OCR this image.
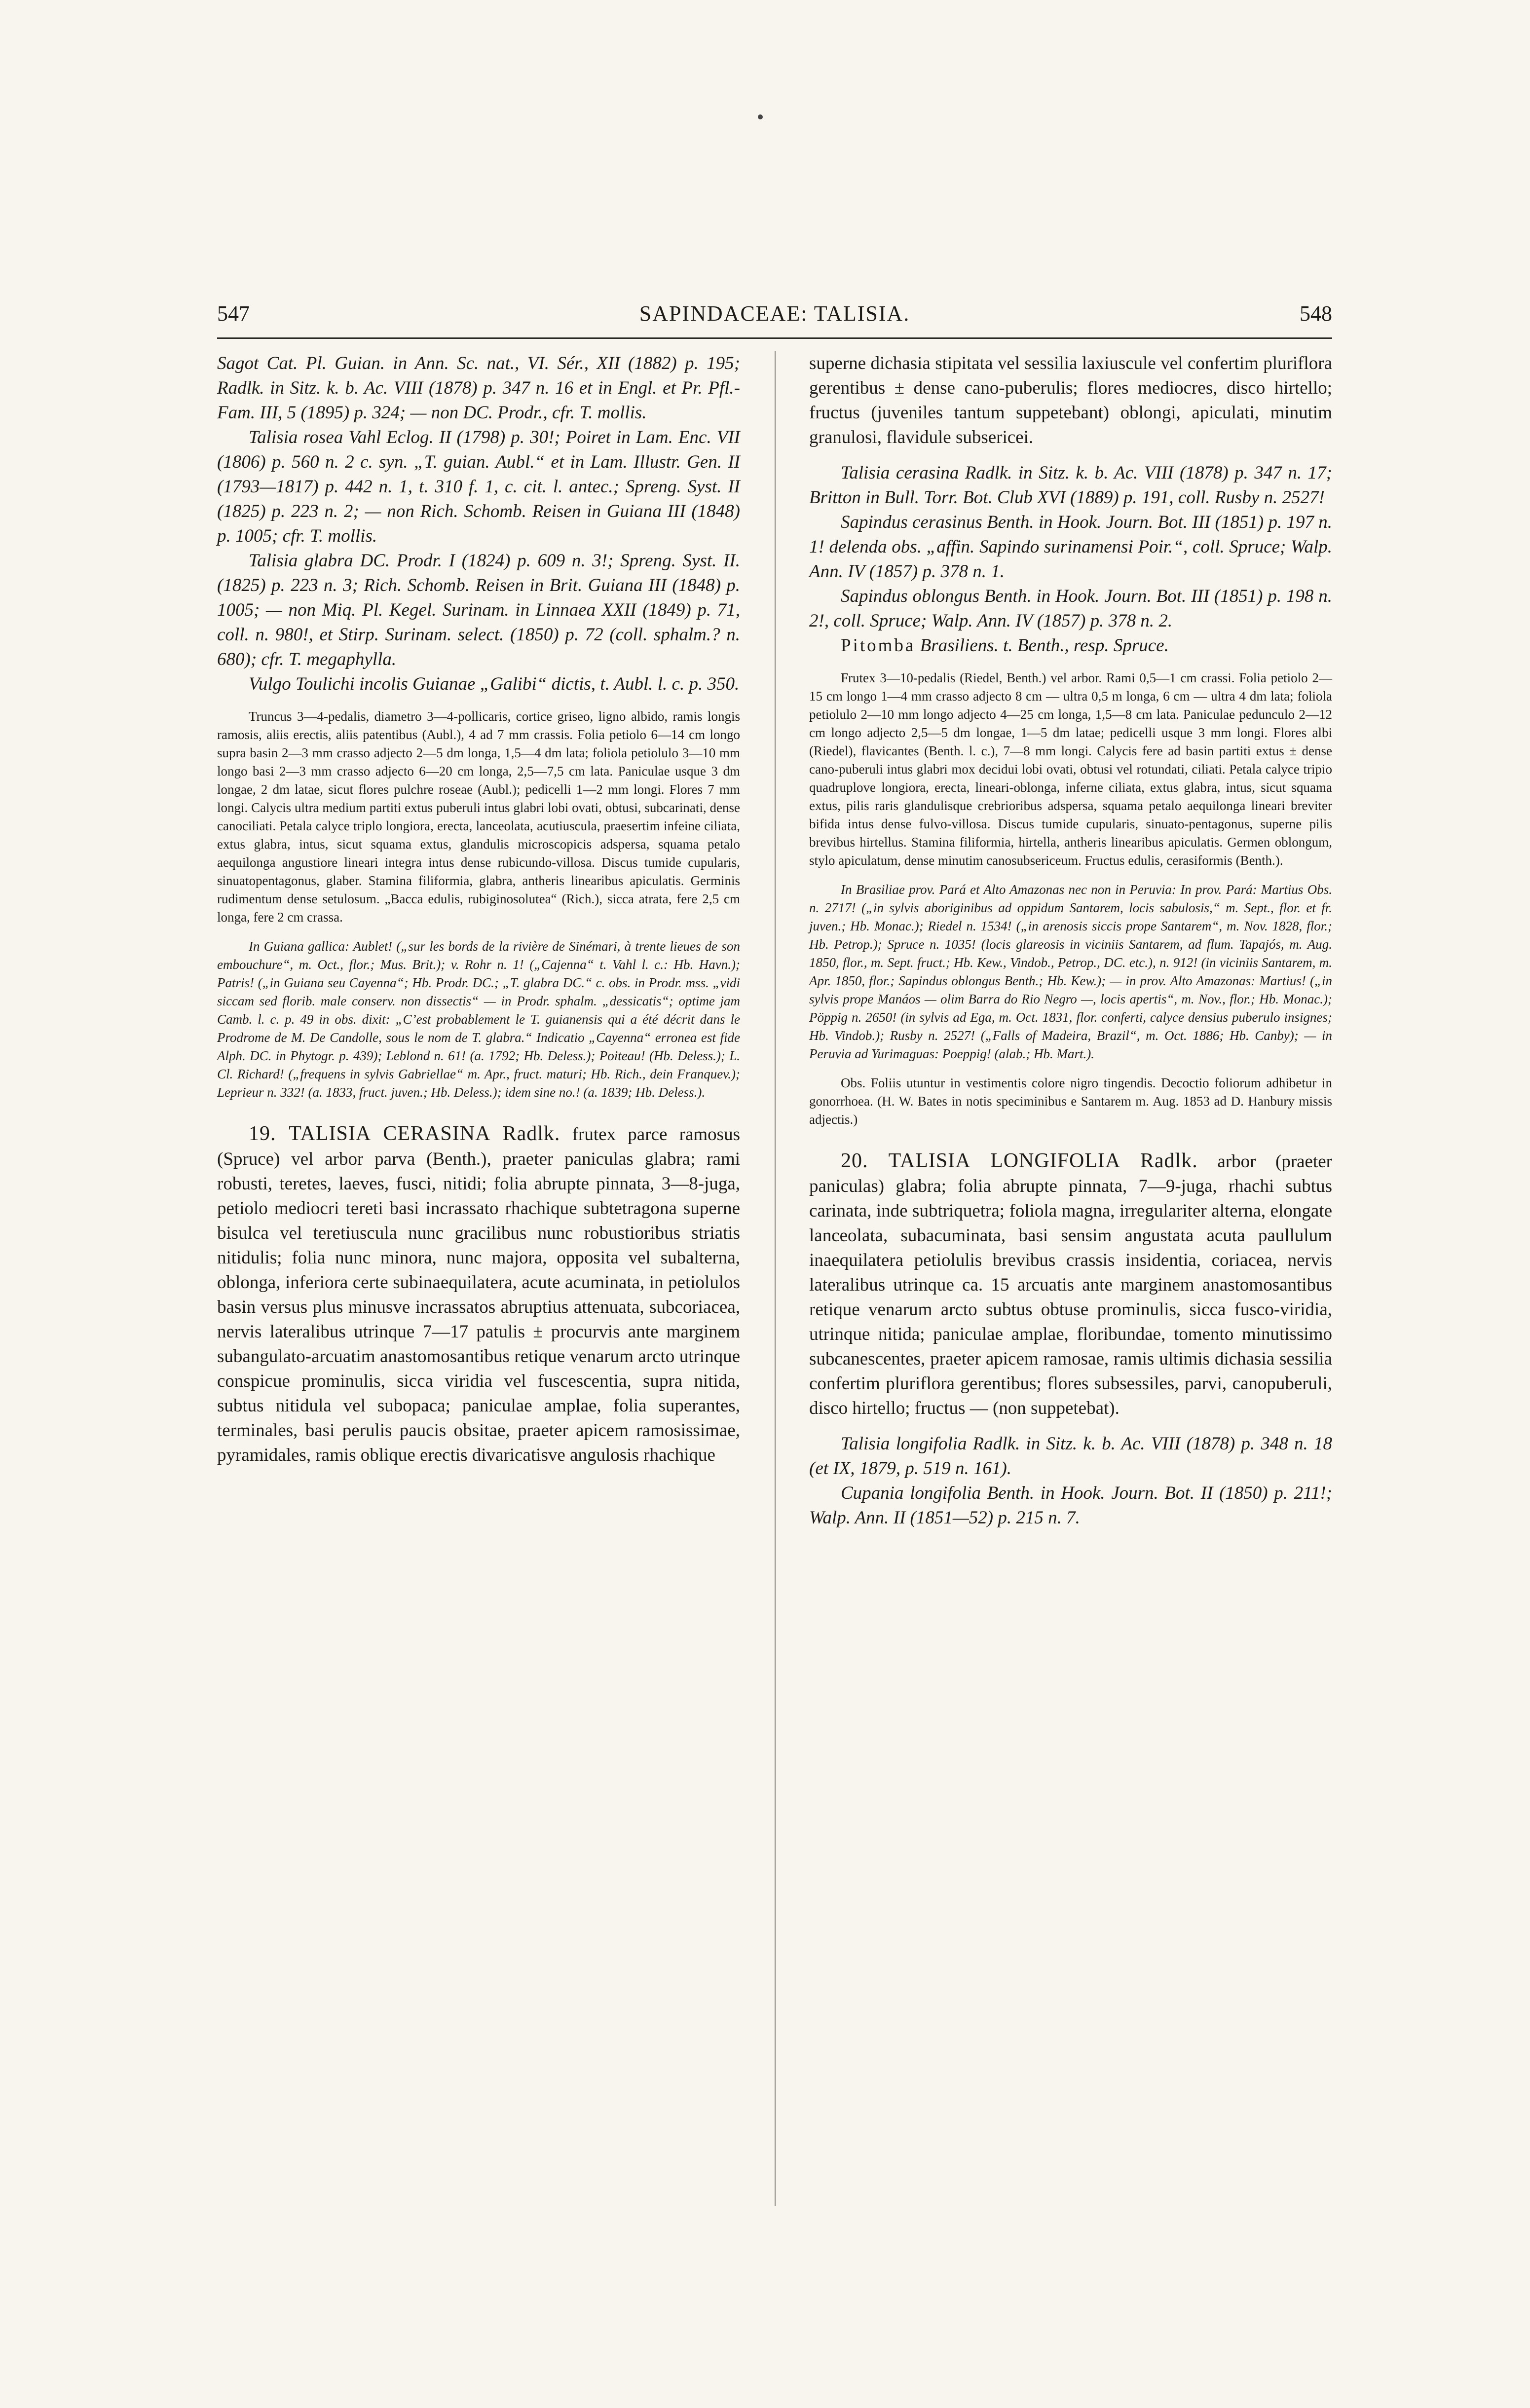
547	SAPINDACEAE: TALISIA.	548

Sagot Cat. Pl. Guian. in Ann. Sc. nat., VI. Sér., XII (1882) p. 195; Radlk. in Sitz. k. b. Ac. VIII (1878) p. 347 n. 16 et in Engl. et Pr. Pfl.-Fam. III, 5 (1895) p. 324; — non DC. Prodr., cfr. T. mollis.

Talisia rosea Vahl Eclog. II (1798) p. 30!; Poiret in Lam. Enc. VII (1806) p. 560 n. 2 c. syn. „T. guian. Aubl.“ et in Lam. Illustr. Gen. II (1793—1817) p. 442 n. 1, t. 310 f. 1, c. cit. l. antec.; Spreng. Syst. II (1825) p. 223 n. 2; — non Rich. Schomb. Reisen in Guiana III (1848) p. 1005; cfr. T. mollis.

Talisia glabra DC. Prodr. I (1824) p. 609 n. 3!; Spreng. Syst. II. (1825) p. 223 n. 3; Rich. Schomb. Reisen in Brit. Guiana III (1848) p. 1005; — non Miq. Pl. Kegel. Surinam. in Linnaea XXII (1849) p. 71, coll. n. 980!, et Stirp. Surinam. select. (1850) p. 72 (coll. sphalm.? n. 680); cfr. T. megaphylla.

Vulgo Toulichi incolis Guianae „Galibi“ dictis, t. Aubl. l. c. p. 350.

Truncus 3—4-pedalis, diametro 3—4-pollicaris, cortice griseo, ligno albido, ramis longis ramosis, aliis erectis, aliis patentibus (Aubl.), 4 ad 7 mm crassis. Folia petiolo 6—14 cm longo supra basin 2—3 mm crasso adjecto 2—5 dm longa, 1,5—4 dm lata; foliola petiolulo 3—10 mm longo basi 2—3 mm crasso adjecto 6—20 cm longa, 2,5—7,5 cm lata. Paniculae usque 3 dm longae, 2 dm latae, sicut flores pulchre roseae (Aubl.); pedicelli 1—2 mm longi. Flores 7 mm longi. Calycis ultra medium partiti extus puberuli intus glabri lobi ovati, obtusi, subcarinati, dense canociliati. Petala calyce triplo longiora, erecta, lanceolata, acutiuscula, praesertim infeine ciliata, extus glabra, intus, sicut squama extus, glandulis microscopicis adspersa, squama petalo aequilonga angustiore lineari integra intus dense rubicundo-villosa. Discus tumide cupularis, sinuatopentagonus, glaber. Stamina filiformia, glabra, antheris linearibus apiculatis. Germinis rudimentum dense setulosum. „Bacca edulis, rubiginosolutea“ (Rich.), sicca atrata, fere 2,5 cm longa, fere 2 cm crassa.

In Guiana gallica: Aublet! („sur les bords de la rivière de Sinémari, à trente lieues de son embouchure“, m. Oct., flor.; Mus. Brit.); v. Rohr n. 1! („Cajenna“ t. Vahl l. c.: Hb. Havn.); Patris! („in Guiana seu Cayenna“; Hb. Prodr. DC.; „T. glabra DC.“ c. obs. in Prodr. mss. „vidi siccam sed florib. male conserv. non dissectis“ — in Prodr. sphalm. „dessicatis“; optime jam Camb. l. c. p. 49 in obs. dixit: „C’est probablement le T. guianensis qui a été décrit dans le Prodrome de M. De Candolle, sous le nom de T. glabra.“ Indicatio „Cayenna“ erronea est fide Alph. DC. in Phytogr. p. 439); Leblond n. 61! (a. 1792; Hb. Deless.); Poiteau! (Hb. Deless.); L. Cl. Richard! („frequens in sylvis Gabriellae“ m. Apr., fruct. maturi; Hb. Rich., dein Franquev.); Leprieur n. 332! (a. 1833, fruct. juven.; Hb. Deless.); idem sine no.! (a. 1839; Hb. Deless.).

19. TALISIA CERASINA Radlk. frutex parce ramosus (Spruce) vel arbor parva (Benth.), praeter paniculas glabra; rami robusti, teretes, laeves, fusci, nitidi; folia abrupte pinnata, 3—8-juga, petiolo mediocri tereti basi incrassato rhachique subtetragona superne bisulca vel teretiuscula nunc gracilibus nunc robustioribus striatis nitidulis; folia nunc minora, nunc majora, opposita vel subalterna, oblonga, inferiora certe subinaequilatera, acute acuminata, in petiolulos basin versus plus minusve incrassatos abruptius attenuata, subcoriacea, nervis lateralibus utrinque 7—17 patulis ± procurvis ante marginem subangulato-arcuatim anastomosantibus retique venarum arcto utrinque conspicue prominulis, sicca viridia vel fuscescentia, supra nitida, subtus nitidula vel subopaca; paniculae amplae, folia superantes, terminales, basi perulis paucis obsitae, praeter apicem ramosissimae, pyramidales, ramis oblique erectis divaricatisve angulosis rhachique

superne dichasia stipitata vel sessilia laxiuscule vel confertim pluriflora gerentibus ± dense cano-puberulis; flores mediocres, disco hirtello; fructus (juveniles tantum suppetebant) oblongi, apiculati, minutim granulosi, flavidule subsericei.

Talisia cerasina Radlk. in Sitz. k. b. Ac. VIII (1878) p. 347 n. 17; Britton in Bull. Torr. Bot. Club XVI (1889) p. 191, coll. Rusby n. 2527!

Sapindus cerasinus Benth. in Hook. Journ. Bot. III (1851) p. 197 n. 1! delenda obs. „affin. Sapindo surinamensi Poir.“, coll. Spruce; Walp. Ann. IV (1857) p. 378 n. 1.

Sapindus oblongus Benth. in Hook. Journ. Bot. III (1851) p. 198 n. 2!, coll. Spruce; Walp. Ann. IV (1857) p. 378 n. 2.

Pitomba Brasiliens. t. Benth., resp. Spruce.

Frutex 3—10-pedalis (Riedel, Benth.) vel arbor. Rami 0,5—1 cm crassi. Folia petiolo 2—15 cm longo 1—4 mm crasso adjecto 8 cm — ultra 0,5 m longa, 6 cm — ultra 4 dm lata; foliola petiolulo 2—10 mm longo adjecto 4—25 cm longa, 1,5—8 cm lata. Paniculae pedunculo 2—12 cm longo adjecto 2,5—5 dm longae, 1—5 dm latae; pedicelli usque 3 mm longi. Flores albi (Riedel), flavicantes (Benth. l. c.), 7—8 mm longi. Calycis fere ad basin partiti extus ± dense cano-puberuli intus glabri mox decidui lobi ovati, obtusi vel rotundati, ciliati. Petala calyce tripio quadruplove longiora, erecta, lineari-oblonga, inferne ciliata, extus glabra, intus, sicut squama extus, pilis raris glandulisque crebrioribus adspersa, squama petalo aequilonga lineari breviter bifida intus dense fulvo-villosa. Discus tumide cupularis, sinuato-pentagonus, superne pilis brevibus hirtellus. Stamina filiformia, hirtella, antheris linearibus apiculatis. Germen oblongum, stylo apiculatum, dense minutim canosubsericeum. Fructus edulis, cerasiformis (Benth.).

In Brasiliae prov. Pará et Alto Amazonas nec non in Peruvia: In prov. Pará: Martius Obs. n. 2717! („in sylvis aboriginibus ad oppidum Santarem, locis sabulosis,“ m. Sept., flor. et fr. juven.; Hb. Monac.); Riedel n. 1534! („in arenosis siccis prope Santarem“, m. Nov. 1828, flor.; Hb. Petrop.); Spruce n. 1035! (locis glareosis in viciniis Santarem, ad flum. Tapajós, m. Aug. 1850, flor., m. Sept. fruct.; Hb. Kew., Vindob., Petrop., DC. etc.), n. 912! (in viciniis Santarem, m. Apr. 1850, flor.; Sapindus oblongus Benth.; Hb. Kew.); — in prov. Alto Amazonas: Martius! („in sylvis prope Manáos — olim Barra do Rio Negro —, locis apertis“, m. Nov., flor.; Hb. Monac.); Pöppig n. 2650! (in sylvis ad Ega, m. Oct. 1831, flor. conferti, calyce densius puberulo insignes; Hb. Vindob.); Rusby n. 2527! („Falls of Madeira, Brazil“, m. Oct. 1886; Hb. Canby); — in Peruvia ad Yurimaguas: Poeppig! (alab.; Hb. Mart.).

Obs. Foliis utuntur in vestimentis colore nigro tingendis. Decoctio foliorum adhibetur in gonorrhoea. (H. W. Bates in notis speciminibus e Santarem m. Aug. 1853 ad D. Hanbury missis adjectis.)

20. TALISIA LONGIFOLIA Radlk. arbor (praeter paniculas) glabra; folia abrupte pinnata, 7—9-juga, rhachi subtus carinata, inde subtriquetra; foliola magna, irregulariter alterna, elongate lanceolata, subacuminata, basi sensim angustata acuta paullulum inaequilatera petiolulis brevibus crassis insidentia, coriacea, nervis lateralibus utrinque ca. 15 arcuatis ante marginem anastomosantibus retique venarum arcto subtus obtuse prominulis, sicca fusco-viridia, utrinque nitida; paniculae amplae, floribundae, tomento minutissimo subcanescentes, praeter apicem ramosae, ramis ultimis dichasia sessilia confertim pluriflora gerentibus; flores subsessiles, parvi, canopuberuli, disco hirtello; fructus — (non suppetebat).

Talisia longifolia Radlk. in Sitz. k. b. Ac. VIII (1878) p. 348 n. 18 (et IX, 1879, p. 519 n. 161).

Cupania longifolia Benth. in Hook. Journ. Bot. II (1850) p. 211!; Walp. Ann. II (1851—52) p. 215 n. 7.
